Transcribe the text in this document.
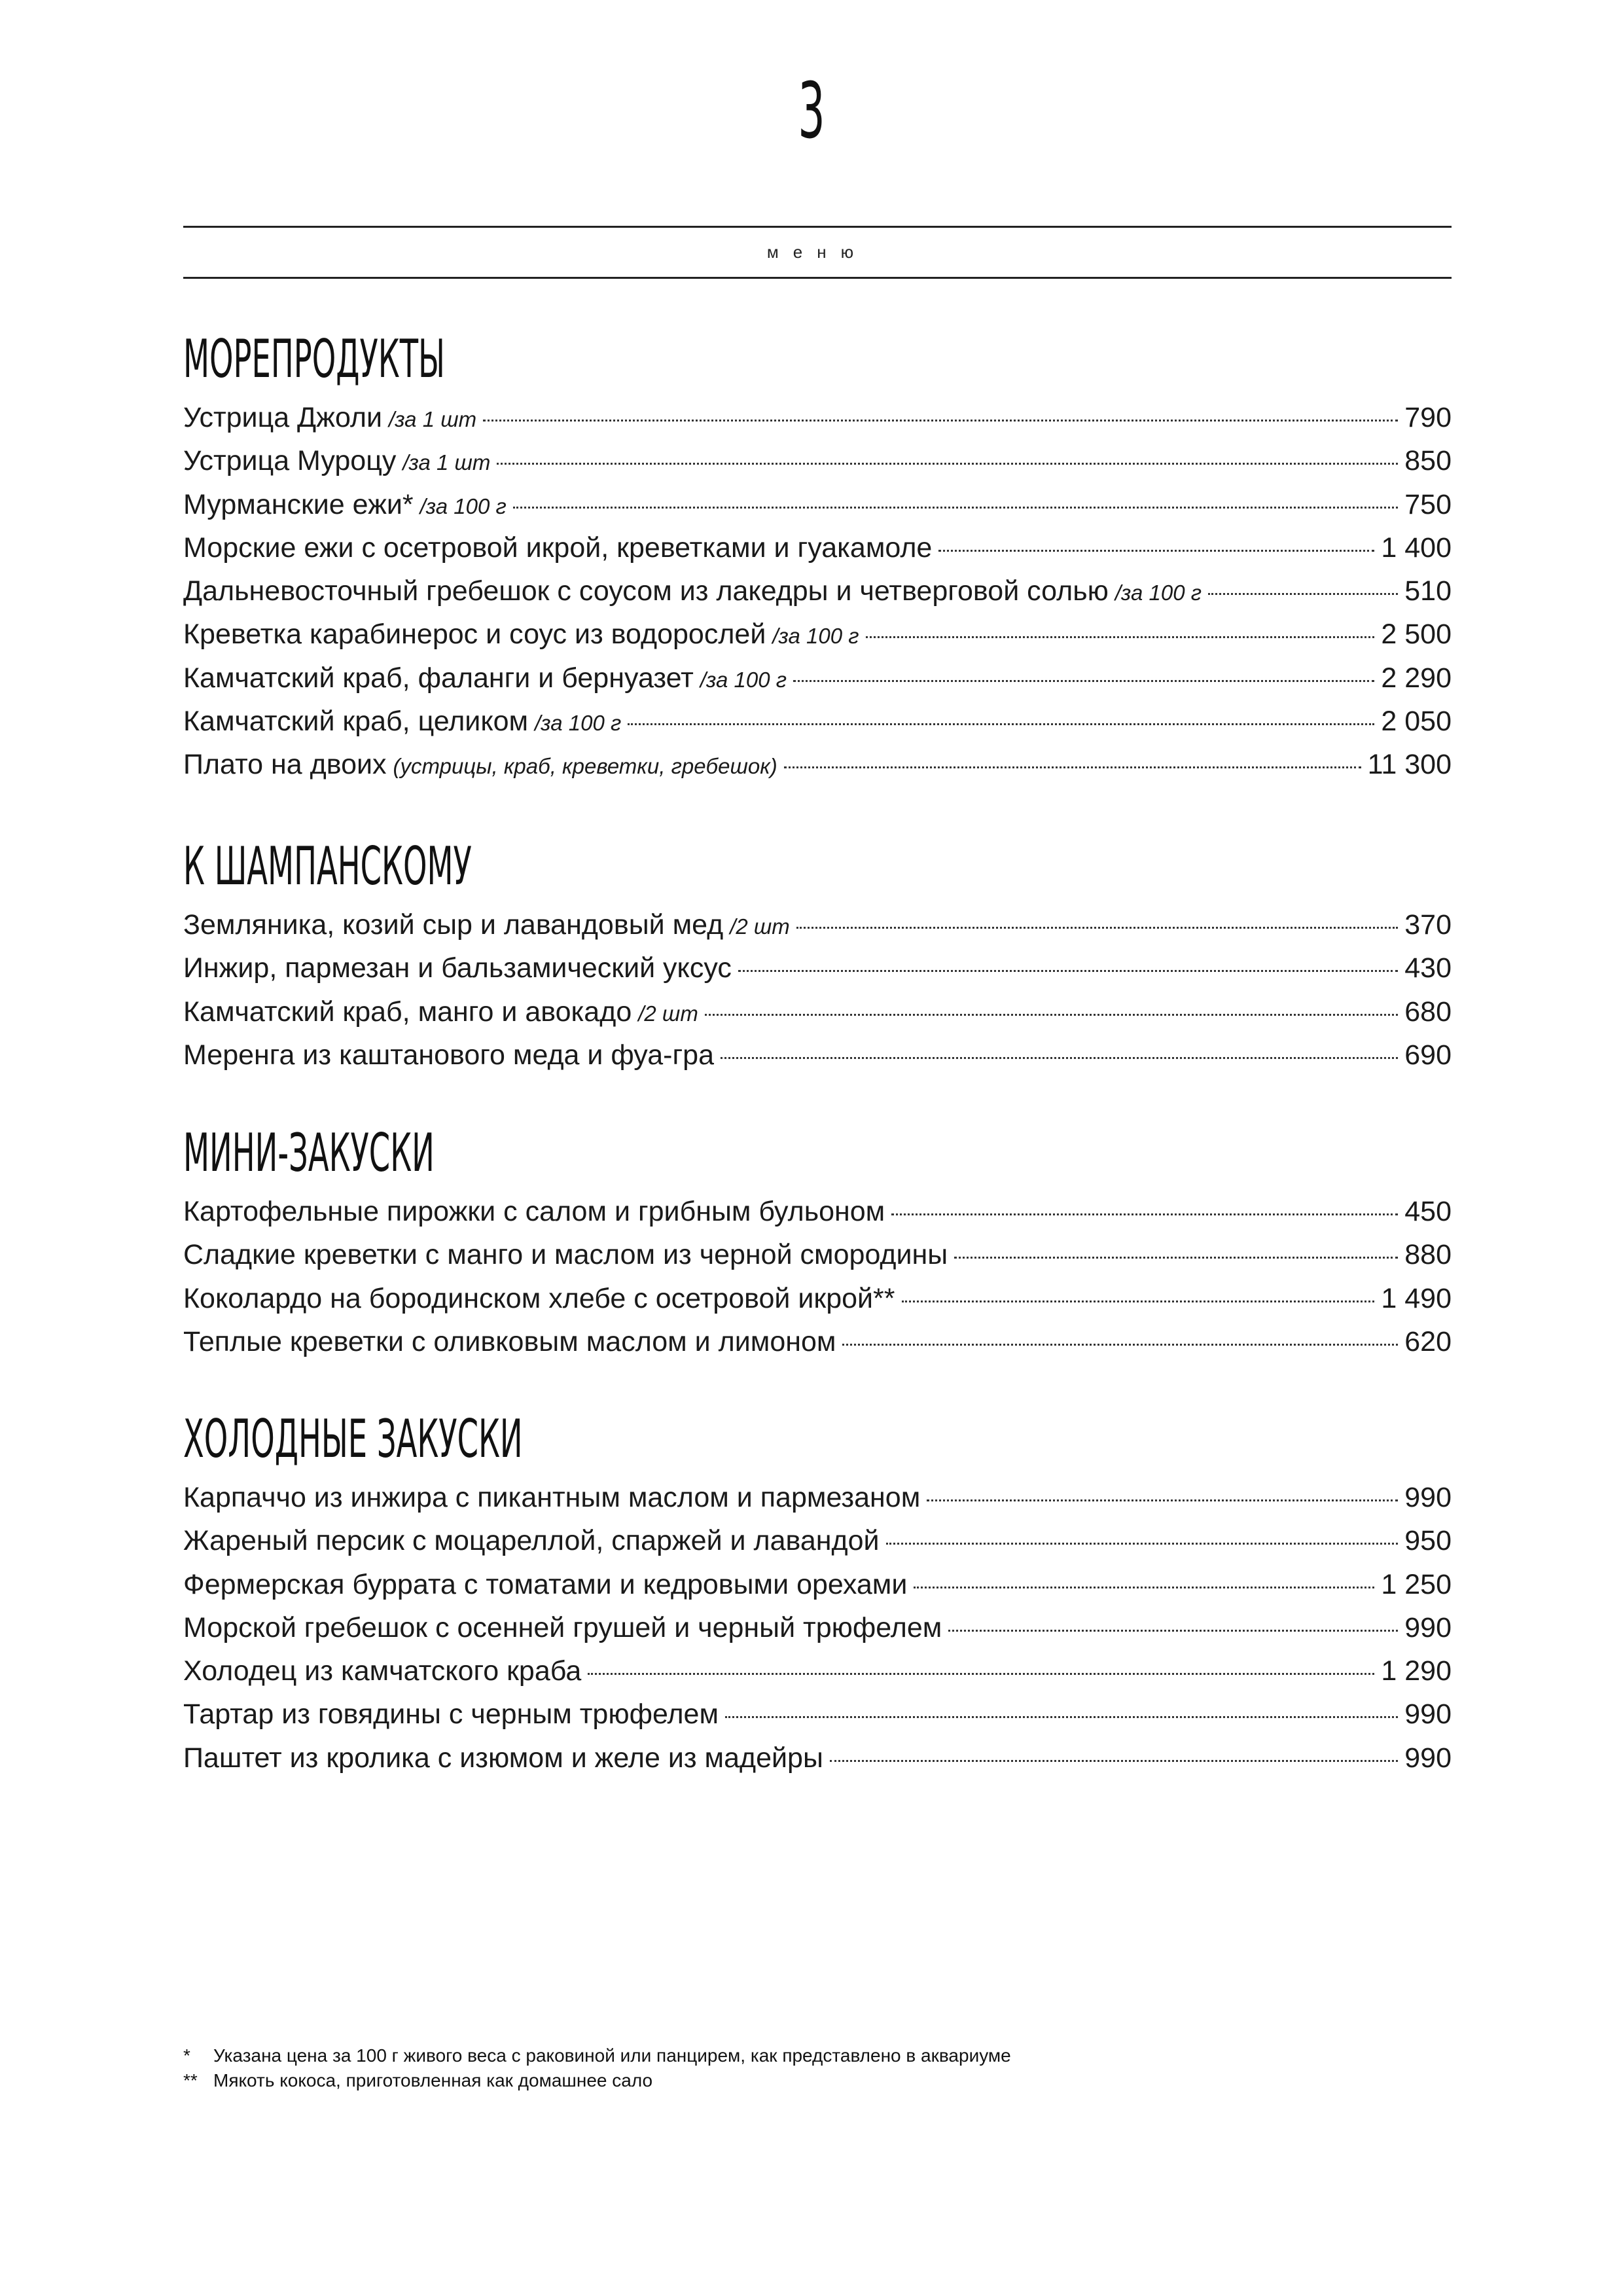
3
меню
МОРЕПРОДУКТЫ
Устрица Джоли /за 1 шт	790
Устрица Муроцу /за 1 шт	850
Мурманские ежи* /за 100 г	750
Морские ежи с осетровой икрой, креветками и гуакамоле	1 400
Дальневосточный гребешок с соусом из лакедры и четверговой солью /за 100 г	510
Креветка карабинерос и соус из водорослей /за 100 г	2 500
Камчатский краб, фаланги и бернуазет /за 100 г	2 290
Камчатский краб, целиком /за 100 г	2 050
Плато на двоих (устрицы, краб, креветки, гребешок)	11 300
К ШАМПАНСКОМУ
Земляника, козий сыр и лавандовый мед /2 шт	370
Инжир, пармезан и бальзамический уксус	430
Камчатский краб, манго и авокадо /2 шт	680
Меренга из каштанового меда и фуа-гра	690
МИНИ-ЗАКУСКИ
Картофельные пирожки с салом и грибным бульоном	450
Сладкие креветки с манго и маслом из черной смородины	880
Коколардо на бородинском хлебе с осетровой икрой**	1 490
Теплые креветки с оливковым маслом и лимоном	620
ХОЛОДНЫЕ ЗАКУСКИ
Карпаччо из инжира с пикантным маслом и пармезаном	990
Жареный персик с моцареллой, спаржей и лавандой	950
Фермерская буррата с томатами и кедровыми орехами	1 250
Морской гребешок с осенней грушей и черный трюфелем	990
Холодец из камчатского краба	1 290
Тартар из говядины с черным трюфелем	990
Паштет из кролика с изюмом и желе из мадейры	990
*	Указана цена за 100 г живого веса с раковиной или панцирем, как представлено в аквариуме
** Мякоть кокоса, приготовленная как домашнее сало
